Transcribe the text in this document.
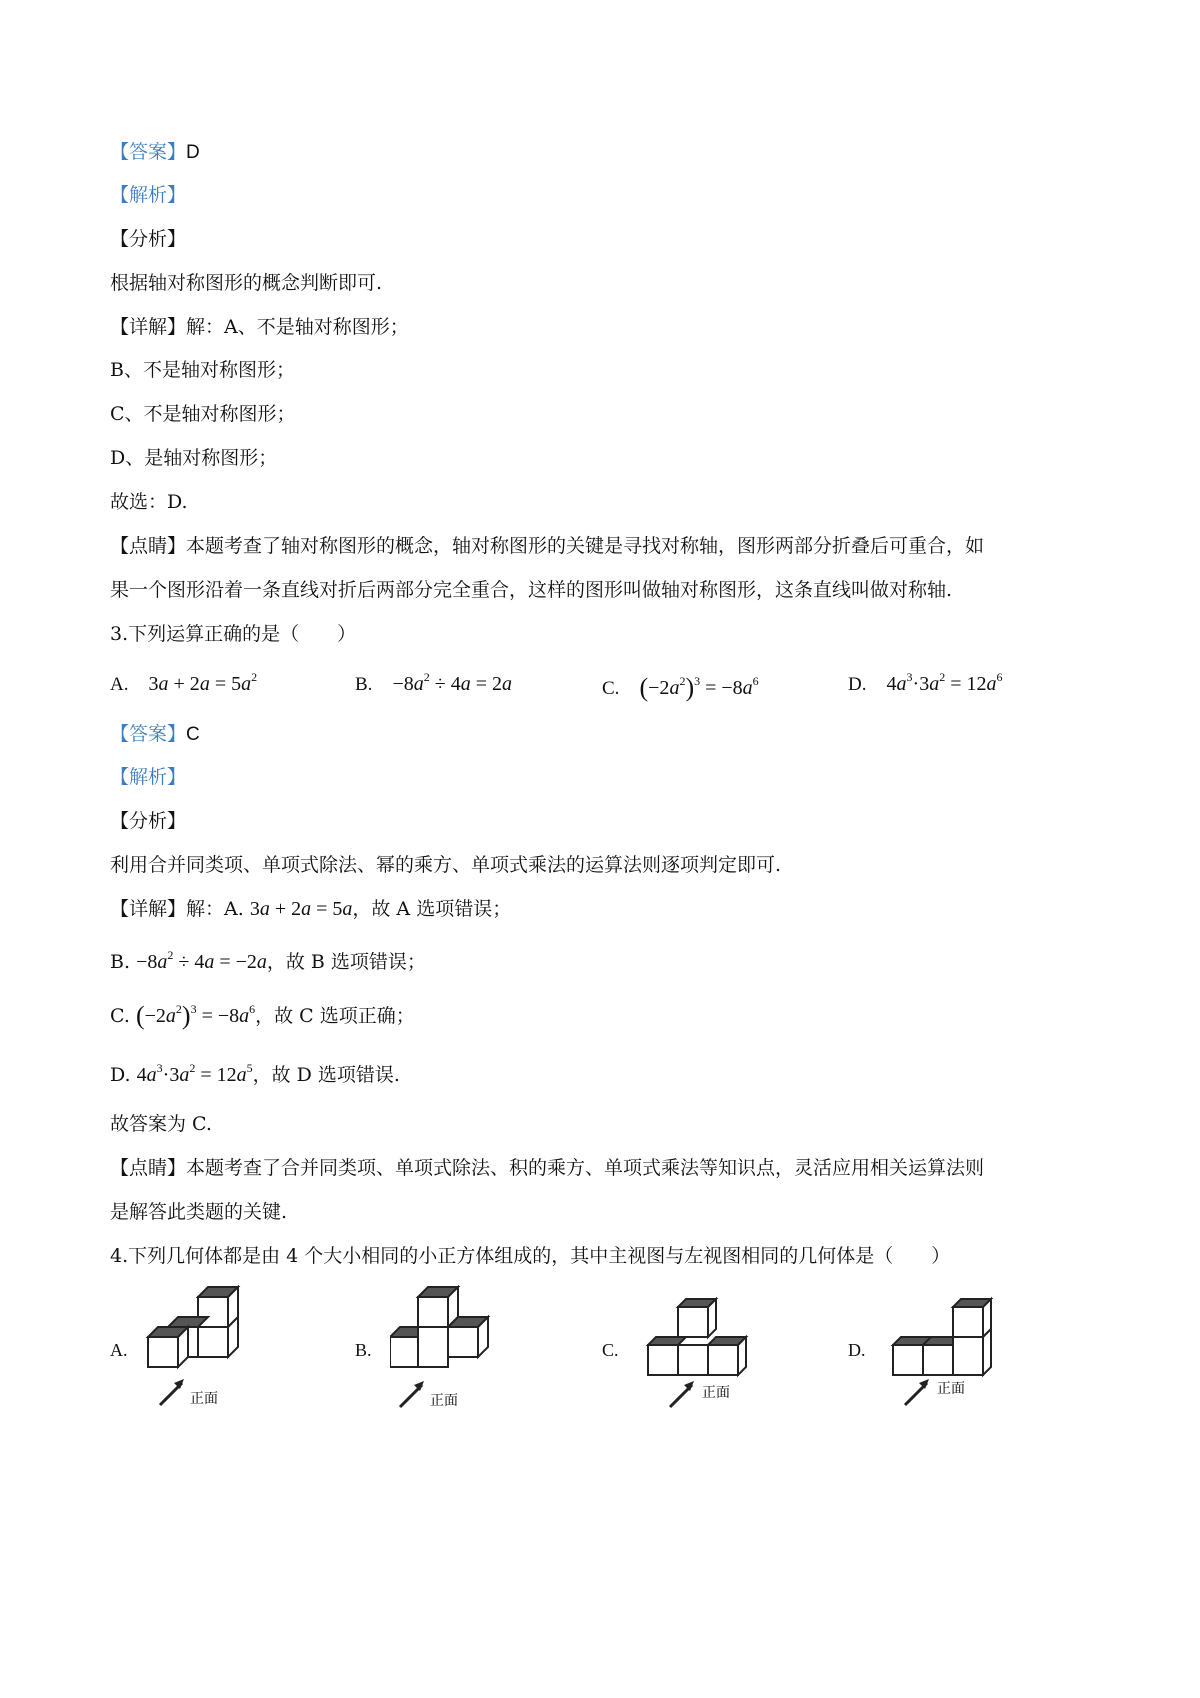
【答案】D
【解析】
【分析】
根据轴对称图形的概念判断即可.
【详解】解：A、不是轴对称图形；
B、不是轴对称图形；
C、不是轴对称图形；
D、是轴对称图形；
故选：D.
【点睛】本题考查了轴对称图形的概念，轴对称图形的关键是寻找对称轴，图形两部分折叠后可重合，如
果一个图形沿着一条直线对折后两部分完全重合，这样的图形叫做轴对称图形，这条直线叫做对称轴.
3.下列运算正确的是（　　）
A. $3a + 2a = 5a^2$	B. $-8a^2 \div 4a = 2a$	C. $(-2a^2)^3 = -8a^6$	D. $4a^3\cdot 3a^2 = 12a^6$
【答案】C
【解析】
【分析】
利用合并同类项、单项式除法、幂的乘方、单项式乘法的运算法则逐项判定即可.
【详解】解：A. 3a + 2a = 5a，故 A 选项错误；
B. $-8a^2 \div 4a = -2a$，故 B 选项错误；
C. $(-2a^2)^3 = -8a^6$，故 C 选项正确；
D. $4a^3\cdot 3a^2 = 12a^5$，故 D 选项错误.
故答案为 C.
【点睛】本题考查了合并同类项、单项式除法、积的乘方、单项式乘法等知识点，灵活应用相关运算法则
是解答此类题的关键.
4.下列几何体都是由 4 个大小相同的小正方体组成的，其中主视图与左视图相同的几何体是（　　）
A.
正面
B.
正面
C.
正面
D.
正面
